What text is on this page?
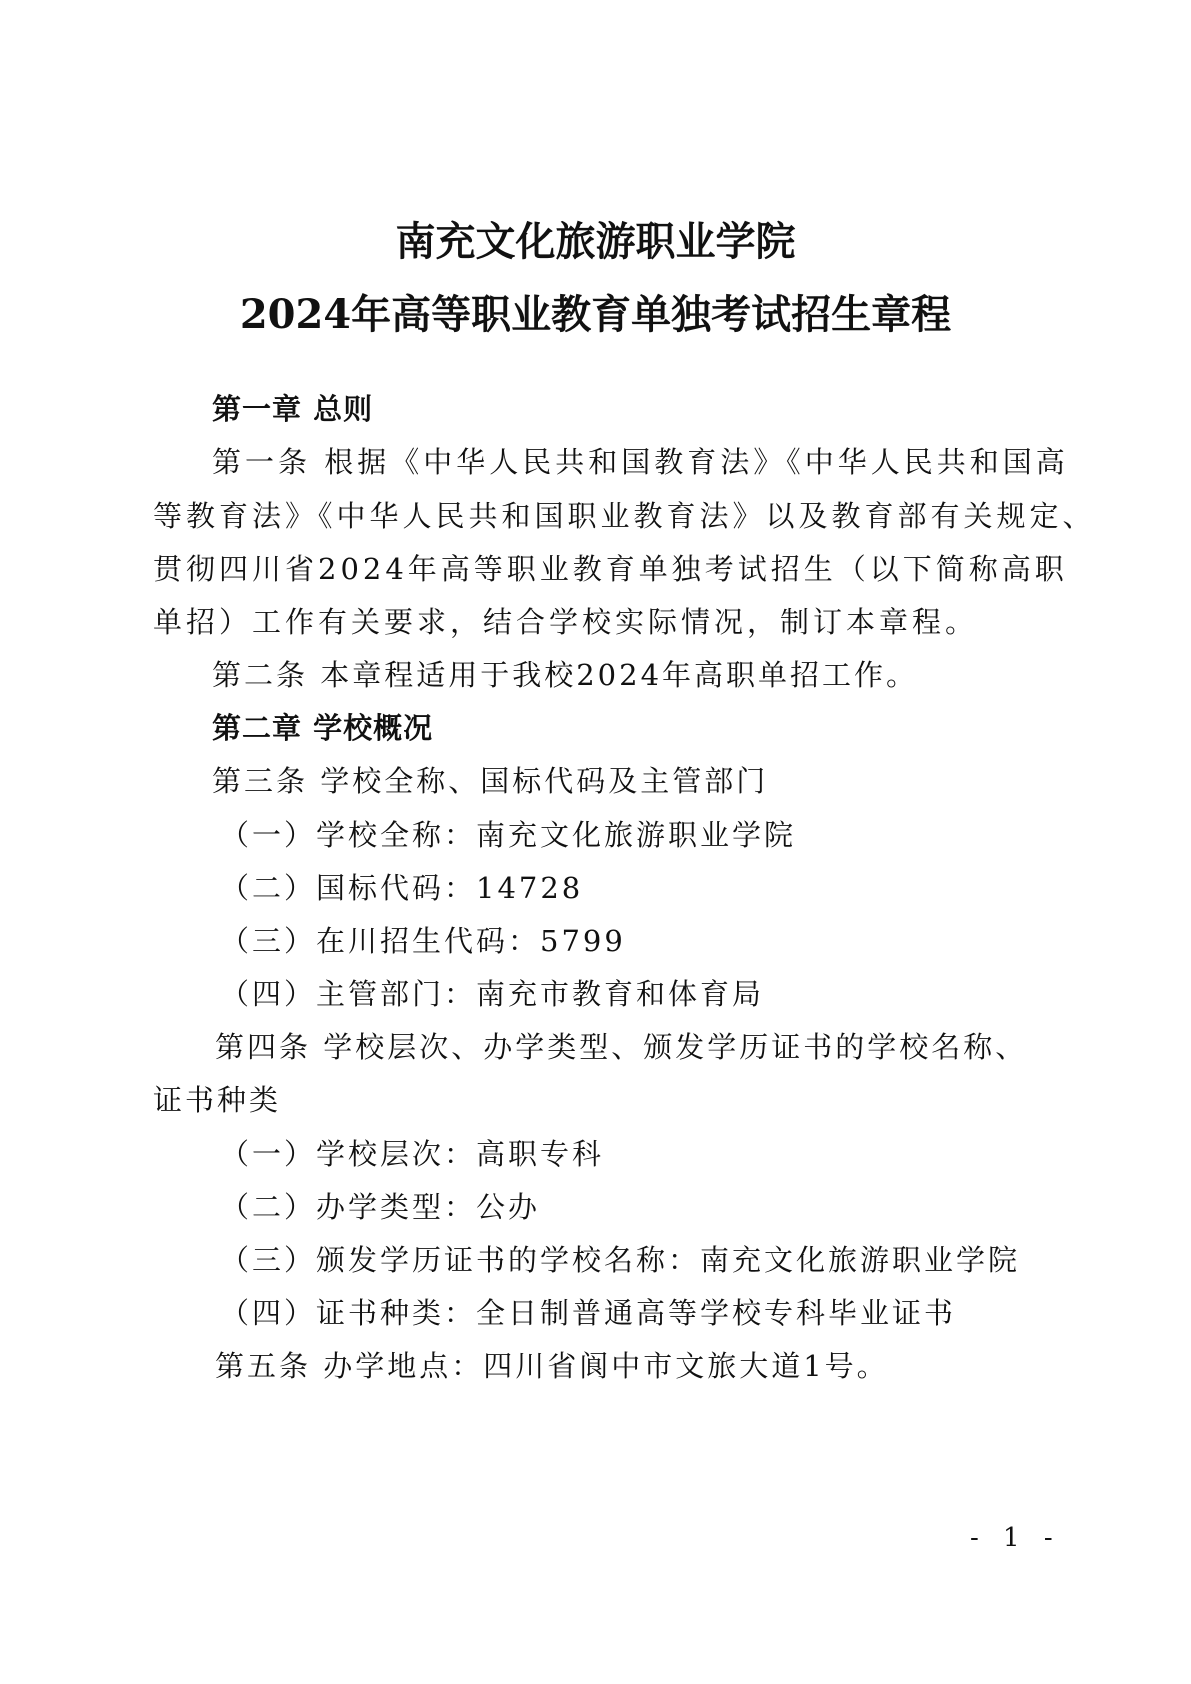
南充文化旅游职业学院
2024年高等职业教育单独考试招生章程
第一章 总则
第一条 根据《中华人民共和国教育法》《中华人民共和国高
等教育法》《中华人民共和国职业教育法》以及教育部有关规定、
贯彻四川省2024年高等职业教育单独考试招生（以下简称高职
单招）工作有关要求，结合学校实际情况，制订本章程。
第二条 本章程适用于我校2024年高职单招工作。
第二章 学校概况
第三条 学校全称、国标代码及主管部门
（一）学校全称：南充文化旅游职业学院
（二）国标代码：14728
（三）在川招生代码：5799
（四）主管部门：南充市教育和体育局
第四条 学校层次、办学类型、颁发学历证书的学校名称、
证书种类
（一）学校层次：高职专科
（二）办学类型：公办
（三）颁发学历证书的学校名称：南充文化旅游职业学院
（四）证书种类：全日制普通高等学校专科毕业证书
第五条 办学地点：四川省阆中市文旅大道1号。
- 1 -
